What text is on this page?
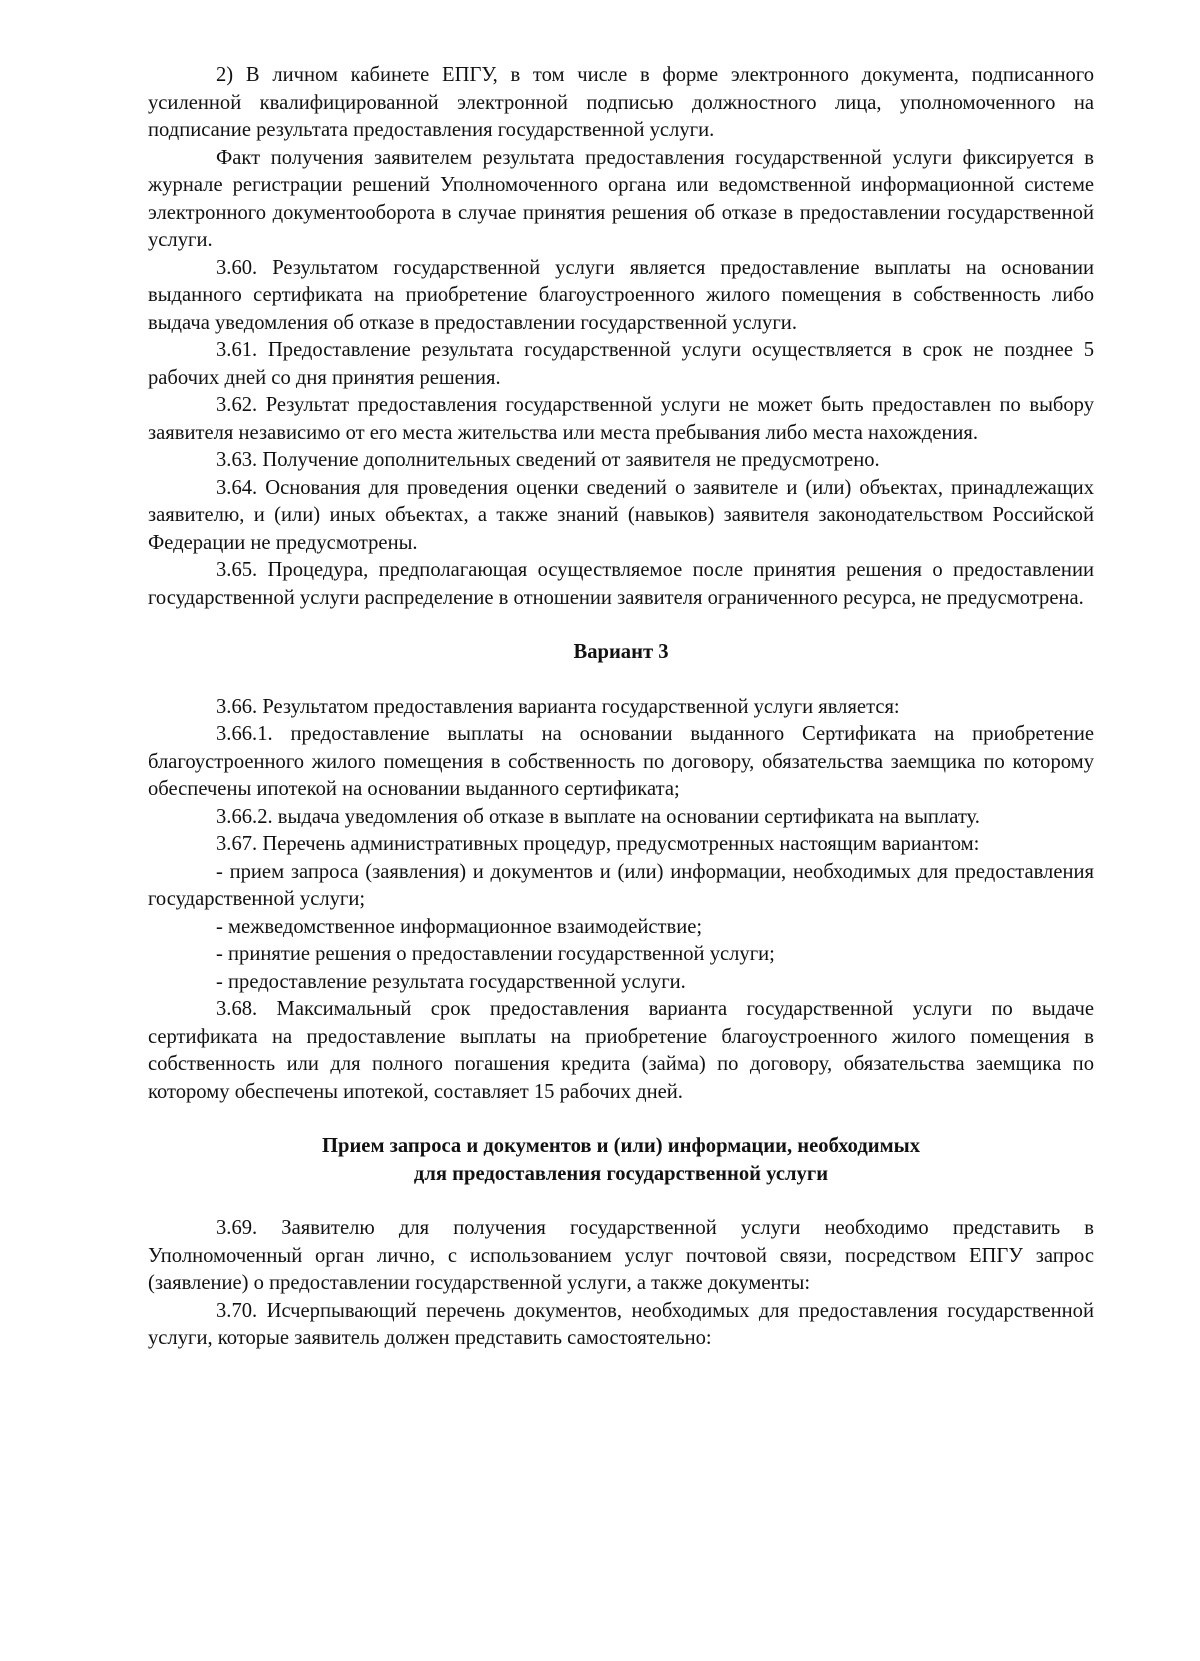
2) В личном кабинете ЕПГУ, в том числе в форме электронного документа, подписанного усиленной квалифицированной электронной подписью должностного лица, уполномоченного на подписание результата предоставления государственной услуги.

Факт получения заявителем результата предоставления государственной услуги фиксируется в журнале регистрации решений Уполномоченного органа или ведомственной информационной системе электронного документооборота в случае принятия решения об отказе в предоставлении государственной услуги.

3.60. Результатом государственной услуги является предоставление выплаты на основании выданного сертификата на приобретение благоустроенного жилого помещения в собственность либо выдача уведомления об отказе в предоставлении государственной услуги.

3.61. Предоставление результата государственной услуги осуществляется в срок не позднее 5 рабочих дней со дня принятия решения.

3.62. Результат предоставления государственной услуги не может быть предоставлен по выбору заявителя независимо от его места жительства или места пребывания либо места нахождения.

3.63. Получение дополнительных сведений от заявителя не предусмотрено.

3.64. Основания для проведения оценки сведений о заявителе и (или) объектах, принадлежащих заявителю, и (или) иных объектах, а также знаний (навыков) заявителя законодательством Российской Федерации не предусмотрены.

3.65. Процедура, предполагающая осуществляемое после принятия решения о предоставлении государственной услуги распределение в отношении заявителя ограниченного ресурса, не предусмотрена.

Вариант 3

3.66. Результатом предоставления варианта государственной услуги является:

3.66.1. предоставление выплаты на основании выданного Сертификата на приобретение благоустроенного жилого помещения в собственность по договору, обязательства заемщика по которому обеспечены ипотекой на основании выданного сертификата;

3.66.2. выдача уведомления об отказе в выплате на основании сертификата на выплату.

3.67. Перечень административных процедур, предусмотренных настоящим вариантом:

- прием запроса (заявления) и документов и (или) информации, необходимых для предоставления государственной услуги;

- межведомственное информационное взаимодействие;

- принятие решения о предоставлении государственной услуги;

- предоставление результата государственной услуги.

3.68. Максимальный срок предоставления варианта государственной услуги по выдаче сертификата на предоставление выплаты на приобретение благоустроенного жилого помещения в собственность или для полного погашения кредита (займа) по договору, обязательства заемщика по которому обеспечены ипотекой, составляет 15 рабочих дней.

Прием запроса и документов и (или) информации, необходимых
для предоставления государственной услуги

3.69. Заявителю для получения государственной услуги необходимо представить в Уполномоченный орган лично, с использованием услуг почтовой связи, посредством ЕПГУ запрос (заявление) о предоставлении государственной услуги, а также документы:

3.70. Исчерпывающий перечень документов, необходимых для предоставления государственной услуги, которые заявитель должен представить самостоятельно:
